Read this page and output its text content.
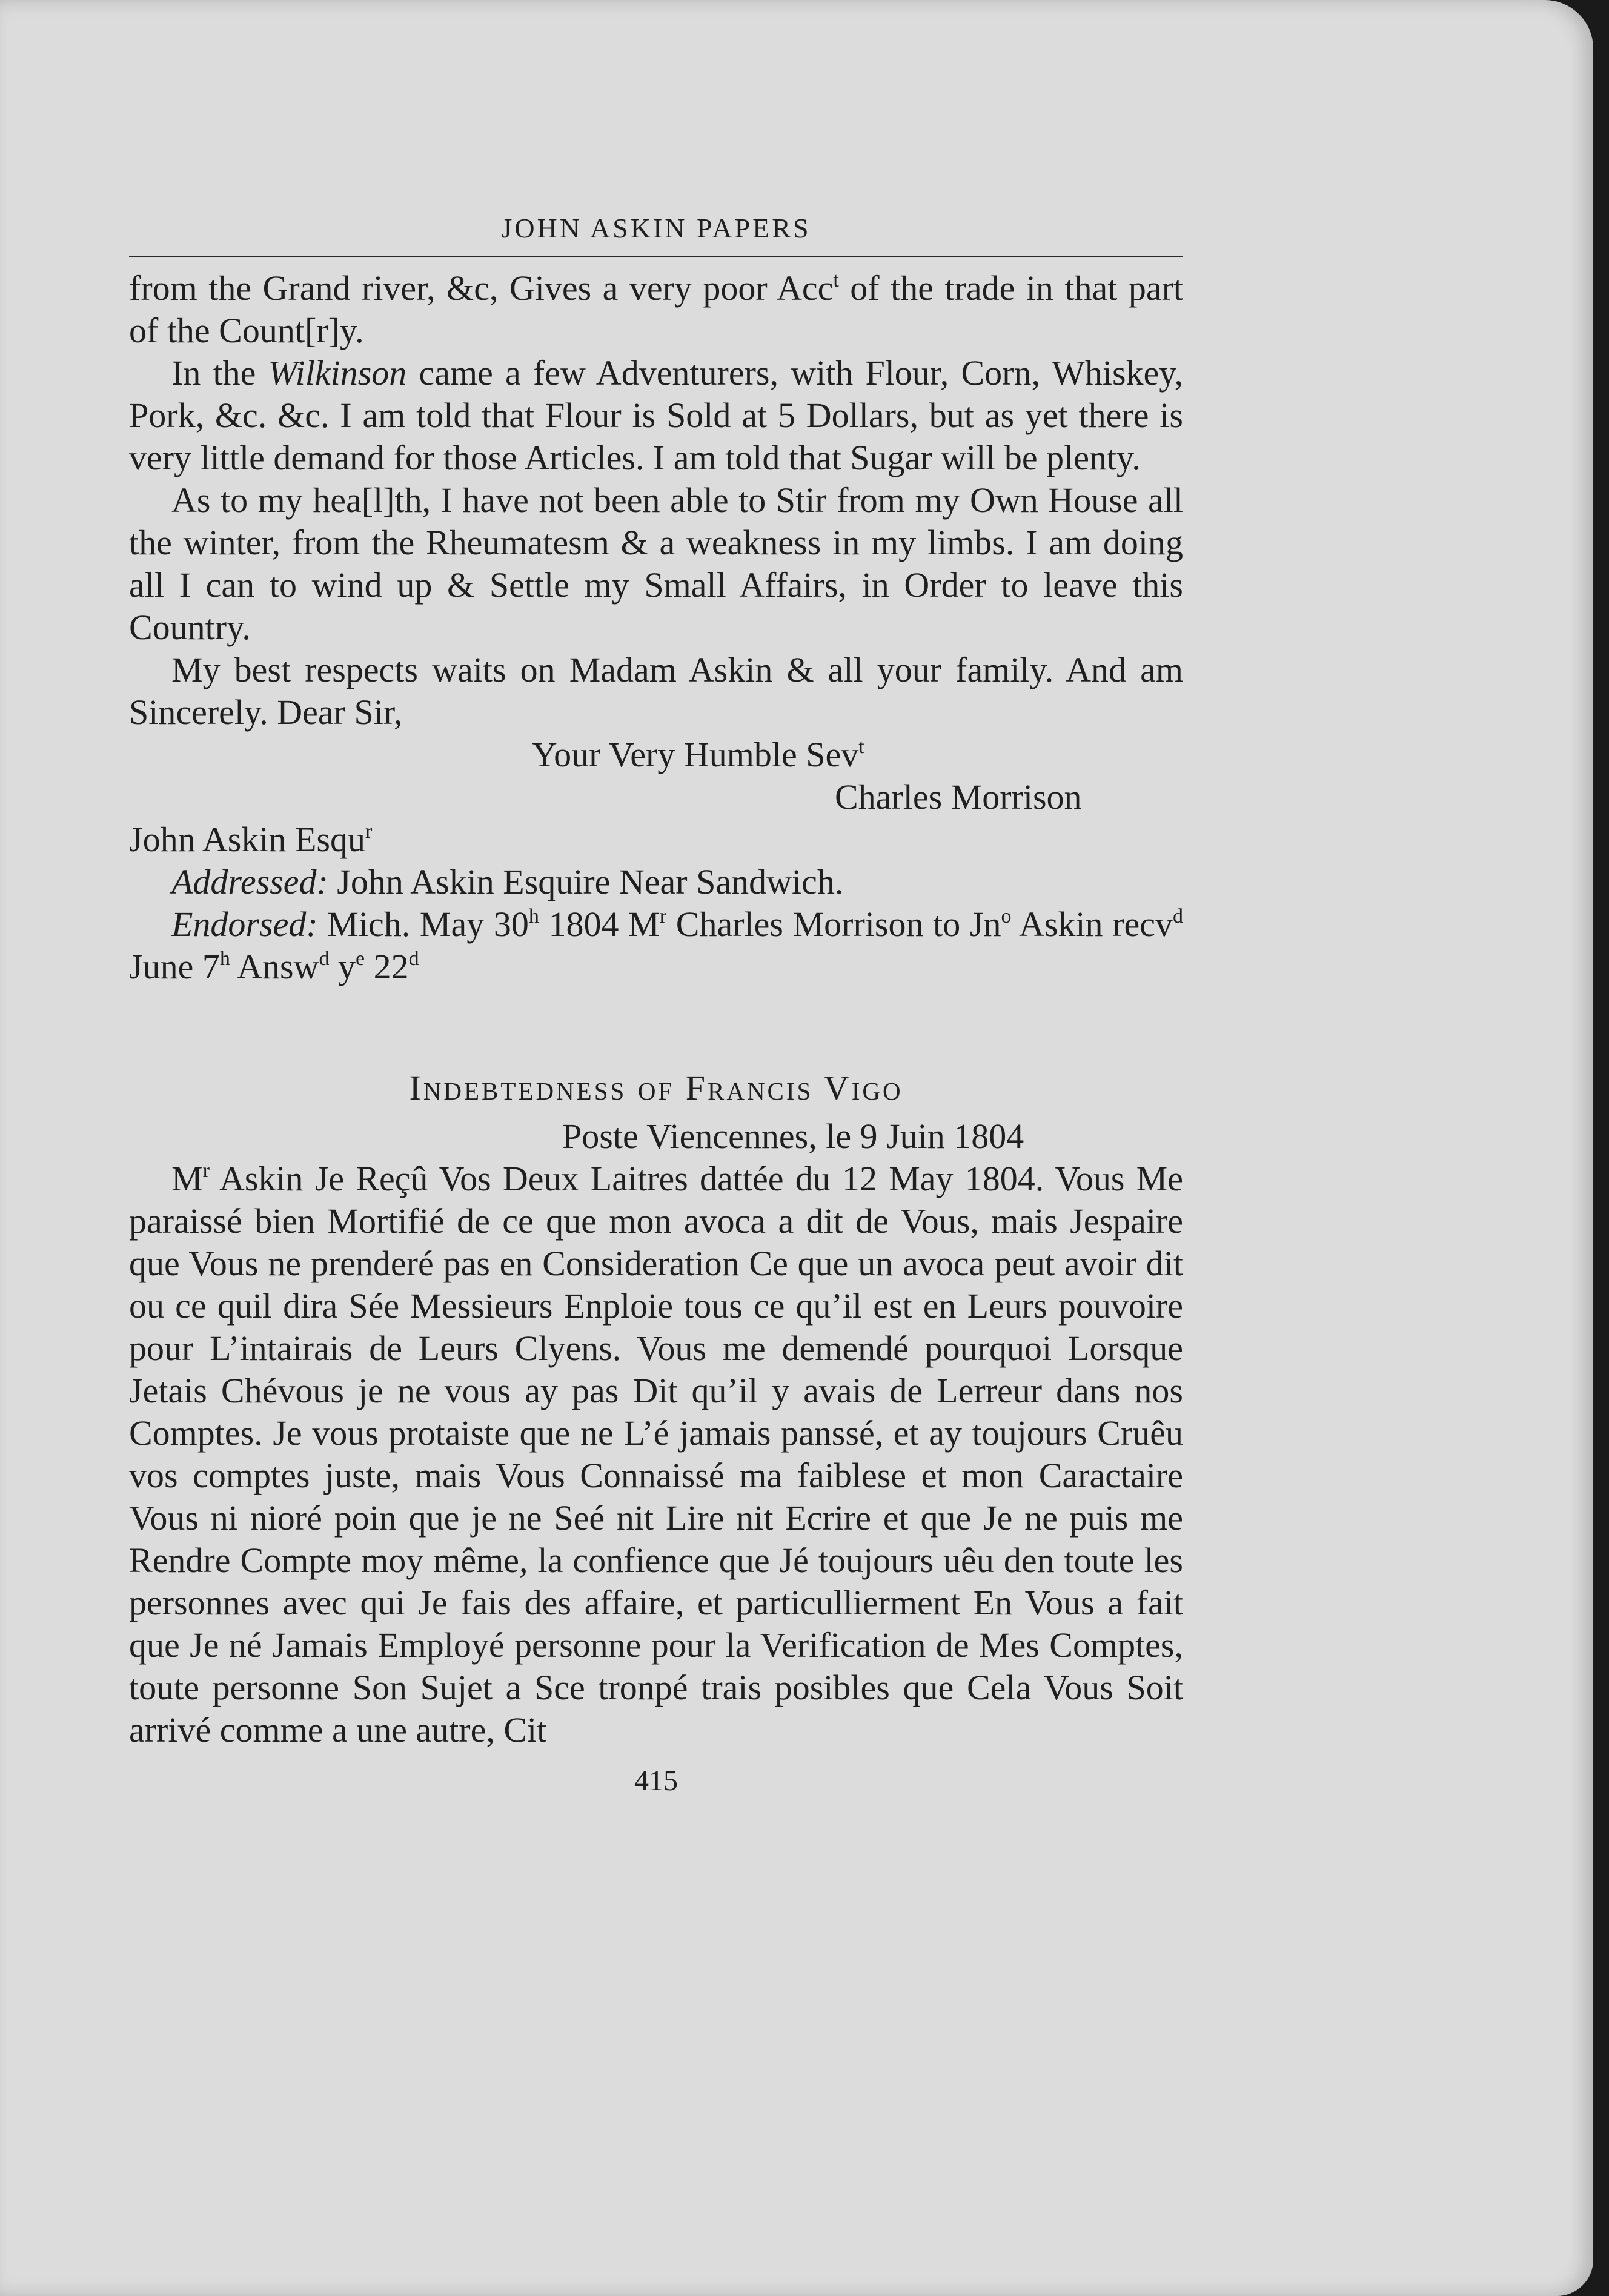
JOHN ASKIN PAPERS

from the Grand river, &c, Gives a very poor Acc$^t$ of the trade in that part of the Count[r]y.

In the Wilkinson came a few Adventurers, with Flour, Corn, Whiskey, Pork, &c. &c. I am told that Flour is Sold at 5 Dollars, but as yet there is very little demand for those Articles. I am told that Sugar will be plenty.

As to my hea[l]th, I have not been able to Stir from my Own House all the winter, from the Rheumatesm & a weakness in my limbs. I am doing all I can to wind up & Settle my Small Affairs, in Order to leave this Country.

My best respects waits on Madam Askin & all your family. And am Sincerely. Dear Sir,

Your Very Humble Sev$^t$

Charles Morrison

John Askin Esqu$^r$

Addressed: John Askin Esquire Near Sandwich.

Endorsed: Mich. May 30$^h$ 1804 $M^r$ Charles Morrison to Jn$^o$ Askin recv$^d$ June 7$^h$ Answ$^d$ $y^e$ 22$^d$

Indebtedness of Francis Vigo

Poste Viencennes, le 9 Juin 1804

$M^r$ Askin Je Reçû Vos Deux Laitres dattée du 12 May 1804. Vous Me paraissé bien Mortifié de ce que mon avoca a dit de Vous, mais Jespaire que Vous ne prenderé pas en Consideration Ce que un avoca peut avoir dit ou ce quil dira Sée Messieurs Enploie tous ce qu’il est en Leurs pouvoire pour L’intairais de Leurs Clyens. Vous me demendé pourquoi Lorsque Jetais Chévous je ne vous ay pas Dit qu’il y avais de Lerreur dans nos Comptes. Je vous protaiste que ne L’é jamais panssé, et ay toujours Cruêu vos comptes juste, mais Vous Connaissé ma faiblese et mon Caractaire Vous ni nioré poin que je ne Seé nit Lire nit Ecrire et que Je ne puis me Rendre Compte moy même, la confience que Jé toujours uêu den toute les personnes avec qui Je fais des affaire, et particullierment En Vous a fait que Je né Jamais Employé personne pour la Verification de Mes Comptes, toute personne Son Sujet a Sce tronpé trais posibles que Cela Vous Soit arrivé comme a une autre, Cit

415
